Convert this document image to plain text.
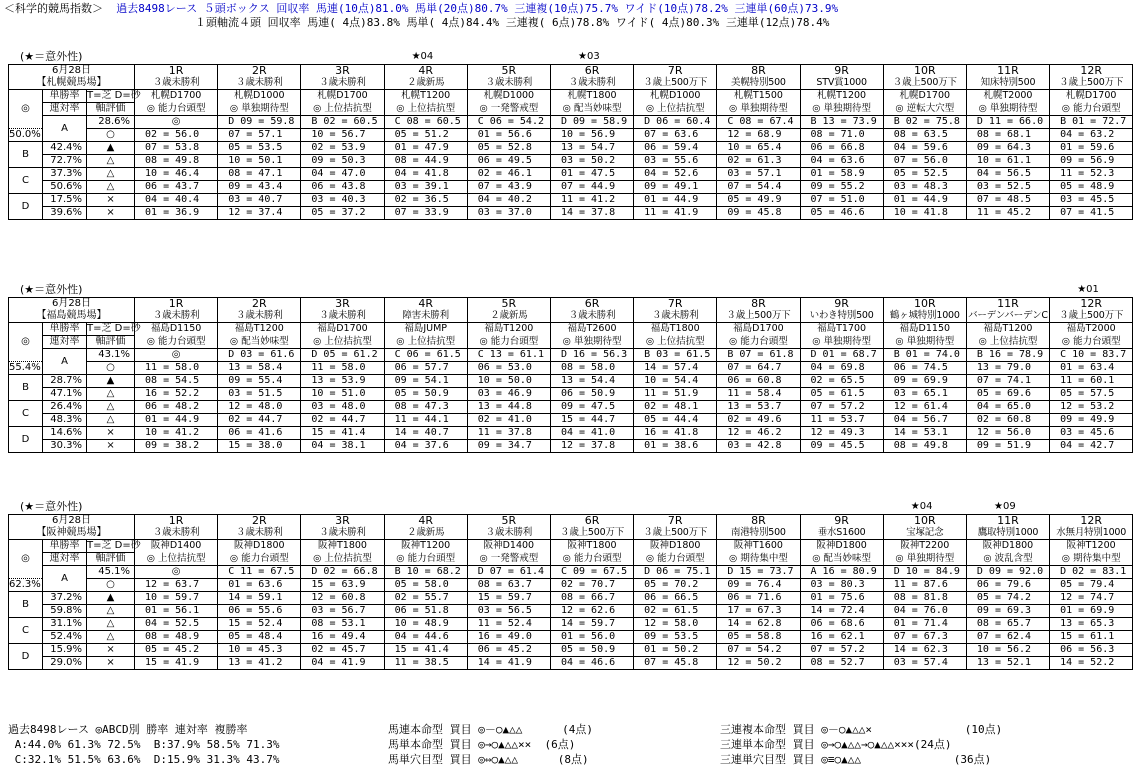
＜科学的競馬指数＞ 過去8498レース ５頭ボックス 回収率 馬連(10点)81.0% 馬単(20点)80.7% 三連複(10点)75.7% ワイド(10点)78.2% 三連単(60点)73.9%
１頭軸流４頭 回収率 馬連( 4点)83.8% 馬単( 4点)84.4% 三連複( 6点)78.8% ワイド( 4点)80.3% 三連単(12点)78.4%
(★＝意外性)	★04	★03
6月28日			1R	2R	3R	4R	5R	6R	7R	8R	9R	10R	11R	12R	
【札幌競馬場】			３歳未勝利	３歳未勝利	３歳未勝利	２歳新馬	３歳未勝利	３歳未勝利	３歳上500万下	美幌特別500	STV賞1000	３歳上500万下	知床特別500	３歳上500万下	
◎	単勝率	T=芝 D=砂	札幌D1700	札幌D1000	札幌D1700	札幌T1200	札幌D1000	札幌T1800	札幌D1000	札幌T1500	札幌T1200	札幌D1700	札幌T2000	札幌D1700	
	連対率	軸評価	◎ 能力台頭型	◎ 単独期待型	◎ 上位拮抗型	◎ 上位拮抗型	◎ 一発警戒型	◎ 配当妙味型	◎ 上位拮抗型	◎ 単独期待型	◎ 単独期待型	◎ 逆転大穴型	◎ 単独期待型	◎ 能力台頭型	
	A	28.6%	◎	D 09 = 59.8	B 02 = 60.5	C 08 = 60.5	C 06 = 54.2	D 09 = 58.9	D 06 = 60.4	C 08 = 67.4	B 13 = 73.9	B 02 = 75.8	D 11 = 66.0	B 01 = 72.7	
50.0%		○	02 = 56.0	07 = 57.1	10 = 56.7	05 = 51.2	01 = 56.6	10 = 56.9	07 = 63.6	12 = 68.9	08 = 71.0	08 = 63.5	08 = 68.1	04 = 63.2	
B	42.4%	▲	07 = 53.8	05 = 53.5	02 = 53.9	01 = 47.9	05 = 52.8	13 = 54.7	06 = 59.4	10 = 65.4	06 = 66.8	04 = 59.6	09 = 64.3	01 = 59.6	
	72.7%	△	08 = 49.8	10 = 50.1	09 = 50.3	08 = 44.9	06 = 49.5	03 = 50.2	03 = 55.6	02 = 61.3	04 = 63.6	07 = 56.0	10 = 61.1	09 = 56.9	
C	37.3%	△	10 = 46.4	08 = 47.1	04 = 47.0	04 = 41.8	02 = 46.1	01 = 47.5	04 = 52.6	03 = 57.1	01 = 58.9	05 = 52.5	04 = 56.5	11 = 52.3	
	50.6%	△	06 = 43.7	09 = 43.4	06 = 43.8	03 = 39.1	07 = 43.9	07 = 44.9	09 = 49.1	07 = 54.4	09 = 55.2	03 = 48.3	03 = 52.5	05 = 48.9	
D	17.5%	×	04 = 40.4	03 = 40.7	03 = 40.3	02 = 36.5	04 = 40.2	11 = 41.2	01 = 44.9	05 = 49.9	07 = 51.0	01 = 44.9	07 = 48.5	03 = 45.5	
	39.6%	×	01 = 36.9	12 = 37.4	05 = 37.2	07 = 33.9	03 = 37.0	14 = 37.8	11 = 41.9	09 = 45.8	05 = 46.6	10 = 41.8	11 = 45.2	07 = 41.5	
(★＝意外性)	★01
6月28日			1R	2R	3R	4R	5R	6R	7R	8R	9R	10R	11R	12R	
【福島競馬場】			３歳未勝利	３歳未勝利	３歳未勝利	障害未勝利	２歳新馬	３歳未勝利	３歳未勝利	３歳上500万下	いわき特別500	鶴ヶ城特別1000	バーデンバーデンC	３歳上500万下	
◎	単勝率	T=芝 D=砂	福島D1150	福島T1200	福島D1700	福島JUMP	福島T1200	福島T2600	福島T1800	福島D1700	福島T1700	福島D1150	福島T1200	福島T2000	
	連対率	軸評価	◎ 能力台頭型	◎ 配当妙味型	◎ 上位拮抗型	◎ 上位拮抗型	◎ 能力台頭型	◎ 単独期待型	◎ 上位拮抗型	◎ 能力台頭型	◎ 単独期待型	◎ 単独期待型	◎ 上位拮抗型	◎ 能力台頭型	
	A	43.1%	◎	D 03 = 61.6	D 05 = 61.2	C 06 = 61.5	C 13 = 61.1	D 16 = 56.3	B 03 = 61.5	B 07 = 61.8	D 01 = 68.7	B 01 = 74.0	B 16 = 78.9	C 10 = 83.7	
55.4%		○	11 = 58.0	13 = 58.4	11 = 58.0	06 = 57.7	06 = 53.0	08 = 58.0	14 = 57.4	07 = 64.7	04 = 69.8	06 = 74.5	13 = 79.0	01 = 63.4	
B	28.7%	▲	08 = 54.5	09 = 55.4	13 = 53.9	09 = 54.1	10 = 50.0	13 = 54.4	10 = 54.4	06 = 60.8	02 = 65.5	09 = 69.9	07 = 74.1	11 = 60.1	
	47.1%	△	16 = 52.2	03 = 51.5	10 = 51.0	05 = 50.9	03 = 46.9	06 = 50.9	11 = 51.9	11 = 58.4	05 = 61.5	03 = 65.1	05 = 69.6	05 = 57.5	
C	26.4%	△	06 = 48.2	12 = 48.0	03 = 48.0	08 = 47.3	13 = 44.8	09 = 47.5	02 = 48.1	13 = 53.7	07 = 57.2	12 = 61.4	04 = 65.0	12 = 53.2	
	48.3%	△	01 = 44.9	02 = 44.7	02 = 44.7	11 = 44.1	02 = 41.0	15 = 44.7	05 = 44.4	02 = 49.6	11 = 53.7	04 = 56.7	02 = 60.8	09 = 49.9	
D	14.6%	×	10 = 41.2	06 = 41.6	15 = 41.4	14 = 40.7	11 = 37.8	04 = 41.0	16 = 41.8	12 = 46.2	12 = 49.3	14 = 53.1	12 = 56.0	03 = 45.6	
	30.3%	×	09 = 38.2	15 = 38.0	04 = 38.1	04 = 37.6	09 = 34.7	12 = 37.8	01 = 38.6	03 = 42.8	09 = 45.5	08 = 49.8	09 = 51.9	04 = 42.7	
(★＝意外性)	★04	★09
6月28日			1R	2R	3R	4R	5R	6R	7R	8R	9R	10R	11R	12R	
【阪神競馬場】			３歳未勝利	３歳未勝利	３歳未勝利	２歳新馬	３歳未勝利	３歳上500万下	３歳上500万下	南港特別500	垂水S1600	宝塚記念	鷹取特別1000	水無月特別1000	
◎	単勝率	T=芝 D=砂	阪神D1400	阪神D1800	阪神T1800	阪神T1200	阪神D1400	阪神T1800	阪神D1800	阪神T1600	阪神D1800	阪神T2200	阪神D1800	阪神T1200	
	連対率	軸評価	◎ 上位拮抗型	◎ 能力台頭型	◎ 上位拮抗型	◎ 能力台頭型	◎ 一発警戒型	◎ 能力台頭型	◎ 能力台頭型	◎ 期待集中型	◎ 配当妙味型	◎ 単独期待型	◎ 波乱含型	◎ 期待集中型	
	A	45.1%	◎	C 11 = 67.5	D 02 = 66.8	B 10 = 68.2	D 07 = 61.4	C 09 = 67.5	D 06 = 75.1	D 15 = 73.7	A 16 = 80.9	D 10 = 84.9	D 09 = 92.0	D 02 = 83.1	
62.3%		○	12 = 63.7	01 = 63.6	15 = 63.9	05 = 58.0	08 = 63.7	02 = 70.7	05 = 70.2	09 = 76.4	03 = 80.3	11 = 87.6	06 = 79.6	05 = 79.4	
B	37.2%	▲	10 = 59.7	14 = 59.1	12 = 60.8	02 = 55.7	15 = 59.7	08 = 66.7	06 = 66.5	06 = 71.6	01 = 75.6	08 = 81.8	05 = 74.2	12 = 74.7	
	59.8%	△	01 = 56.1	06 = 55.6	03 = 56.7	06 = 51.8	03 = 56.5	12 = 62.6	02 = 61.5	17 = 67.3	14 = 72.4	04 = 76.0	09 = 69.3	01 = 69.9	
C	31.1%	△	04 = 52.5	15 = 52.4	08 = 53.1	10 = 48.9	11 = 52.4	14 = 59.7	12 = 58.0	14 = 62.8	06 = 68.6	01 = 71.4	08 = 65.7	13 = 65.3	
	52.4%	△	08 = 48.9	05 = 48.4	16 = 49.4	04 = 44.6	16 = 49.0	01 = 56.0	09 = 53.5	05 = 58.8	16 = 62.1	07 = 67.3	07 = 62.4	15 = 61.1	
D	15.9%	×	05 = 45.2	10 = 45.3	02 = 45.7	15 = 41.4	06 = 45.2	05 = 50.9	01 = 50.2	07 = 54.2	07 = 57.2	14 = 62.3	10 = 56.2	06 = 56.3	
	29.0%	×	15 = 41.9	13 = 41.2	04 = 41.9	11 = 38.5	14 = 41.9	04 = 46.6	07 = 45.8	12 = 50.2	08 = 52.7	03 = 57.4	13 = 52.1	14 = 52.2	
過去8498レース ◎ABCD別 勝率 連対率 複勝率
A:44.0% 61.3% 72.5%  B:37.9% 58.5% 71.3%
C:32.1% 51.5% 63.6%  D:15.9% 31.3% 43.7%
馬連本命型 買目 ◎－○▲△△      (4点)
馬単本命型 買目 ◎→○▲△△××  (6点)
馬単穴目型 買目 ◎⇔○▲△△      (8点)
三連複本命型 買目 ◎－○▲△△×              (10点)
三連単本命型 買目 ◎→○▲△△→○▲△△×××(24点)
三連単穴目型 買目 ◎≡○▲△△              (36点)
